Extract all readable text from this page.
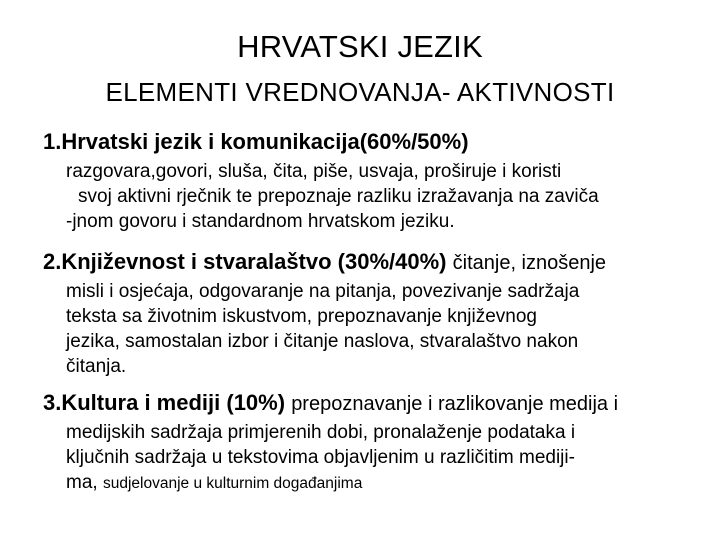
HRVATSKI JEZIK
ELEMENTI VREDNOVANJA- AKTIVNOSTI
1.Hrvatski jezik i komunikacija(60%/50%)
razgovara,govori, sluša, čita, piše, usvaja, proširuje i koristi
svoj aktivni rječnik te prepoznaje razliku izražavanja na zaviča
-jnom govoru i standardnom hrvatskom jeziku.
2.Književnost i stvaralaštvo (30%/40%) čitanje, iznošenje
misli i osjećaja, odgovaranje na pitanja, povezivanje sadržaja
teksta sa životnim iskustvom, prepoznavanje književnog
jezika, samostalan izbor i čitanje naslova, stvaralaštvo nakon
čitanja.
3.Kultura i mediji (10%) prepoznavanje i razlikovanje medija i
medijskih sadržaja primjerenih dobi, pronalaženje podataka i
ključnih sadržaja u tekstovima objavljenim u različitim mediji-
ma, sudjelovanje u kulturnim događanjima
